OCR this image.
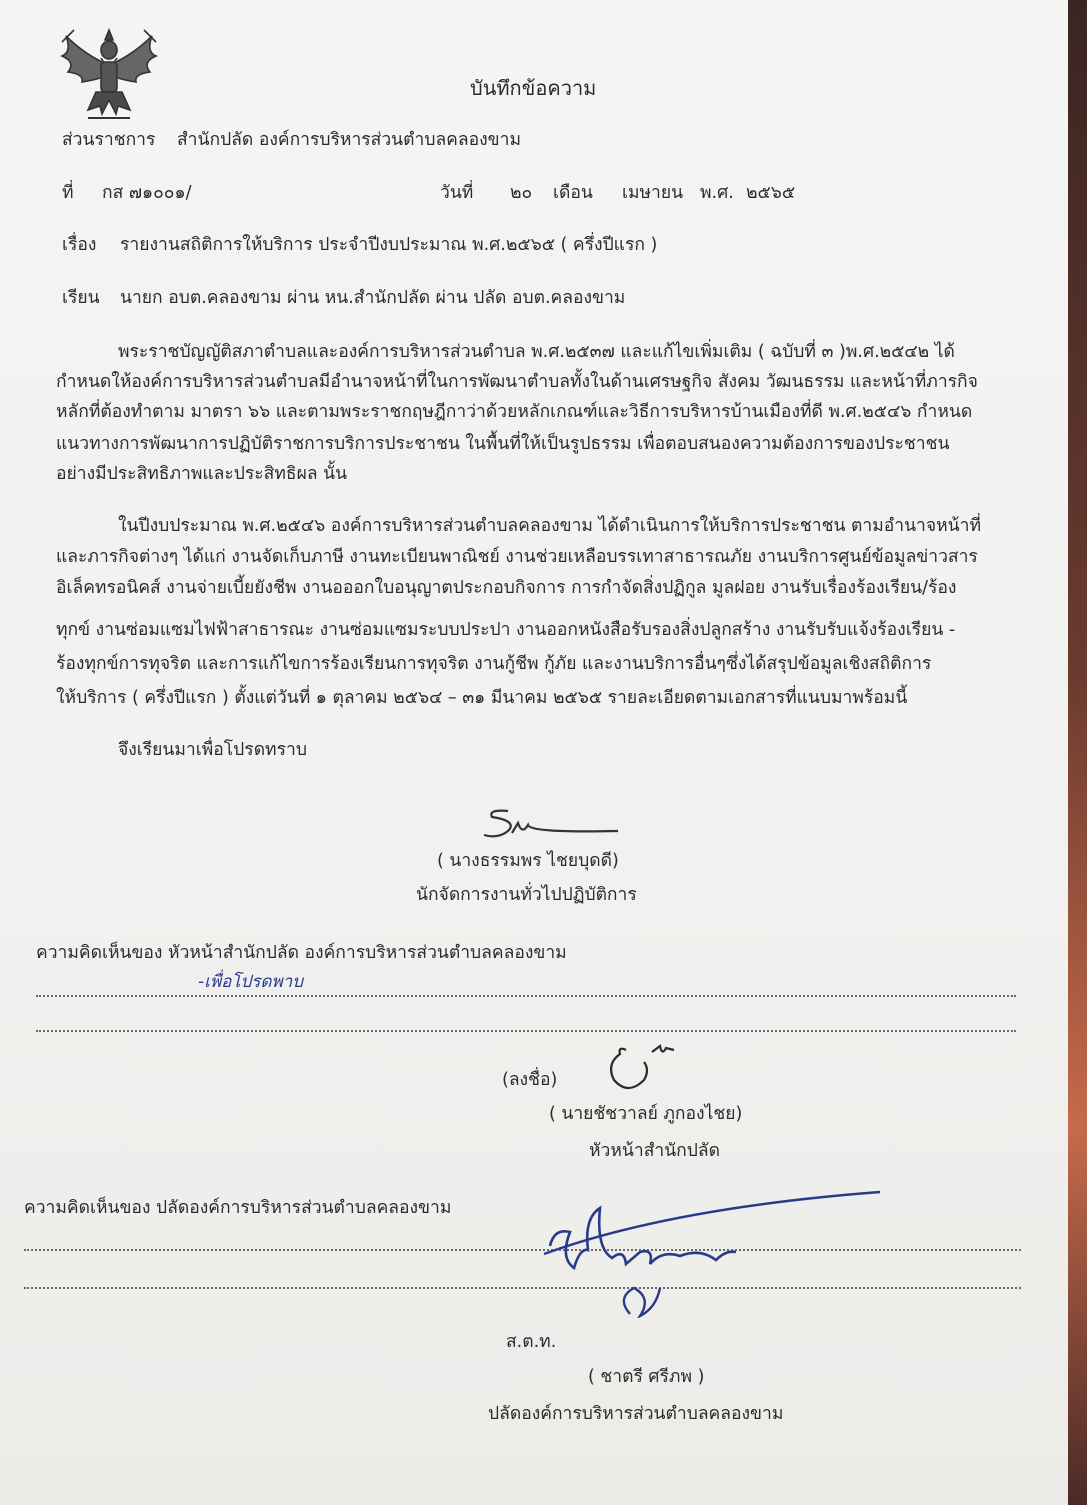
บันทึกข้อความ
ส่วนราชการ สำนักปลัด องค์การบริหารส่วนตำบลคลองขาม
ที่ กส ๗๑๐๐๑/	วันที่ ๒๐ เดือน เมษายน พ.ศ. ๒๕๖๕
เรื่อง รายงานสถิติการให้บริการ ประจำปีงบประมาณ พ.ศ.๒๕๖๕ ( ครึ่งปีแรก )
เรียน นายก อบต.คลองขาม ผ่าน หน.สำนักปลัด ผ่าน ปลัด อบต.คลองขาม
พระราชบัญญัติสภาตำบลและองค์การบริหารส่วนตำบล พ.ศ.๒๕๓๗ และแก้ไขเพิ่มเติม ( ฉบับที่ ๓ )พ.ศ.๒๕๔๒ ได้
กำหนดให้องค์การบริหารส่วนตำบลมีอำนาจหน้าที่ในการพัฒนาตำบลทั้งในด้านเศรษฐกิจ สังคม วัฒนธรรม และหน้าที่ภารกิจ
หลักที่ต้องทำตาม มาตรา ๖๖ และตามพระราชกฤษฎีกาว่าด้วยหลักเกณฑ์และวิธีการบริหารบ้านเมืองที่ดี พ.ศ.๒๕๔๖ กำหนด
แนวทางการพัฒนาการปฏิบัติราชการบริการประชาชน ในพื้นที่ให้เป็นรูปธรรม เพื่อตอบสนองความต้องการของประชาชน
อย่างมีประสิทธิภาพและประสิทธิผล นั้น
ในปีงบประมาณ พ.ศ.๒๕๔๖ องค์การบริหารส่วนตำบลคลองขาม ได้ดำเนินการให้บริการประชาชน ตามอำนาจหน้าที่
และภารกิจต่างๆ ได้แก่ งานจัดเก็บภาษี งานทะเบียนพาณิชย์ งานช่วยเหลือบรรเทาสาธารณภัย งานบริการศูนย์ข้อมูลข่าวสาร
อิเล็คทรอนิคส์ งานจ่ายเบี้ยยังชีพ งานอออกใบอนุญาตประกอบกิจการ การกำจัดสิ่งปฏิกูล มูลฝอย งานรับเรื่องร้องเรียน/ร้อง
ทุกข์ งานซ่อมแซมไฟฟ้าสาธารณะ งานซ่อมแซมระบบประปา งานออกหนังสือรับรองสิ่งปลูกสร้าง งานรับรับแจ้งร้องเรียน -
ร้องทุกข์การทุจริต และการแก้ไขการร้องเรียนการทุจริต งานกู้ชีพ กู้ภัย และงานบริการอื่นๆซึ่งได้สรุปข้อมูลเชิงสถิติการ
ให้บริการ ( ครึ่งปีแรก ) ตั้งแต่วันที่ ๑ ตุลาคม ๒๕๖๔ – ๓๑ มีนาคม ๒๕๖๕ รายละเอียดตามเอกสารที่แนบมาพร้อมนี้
จึงเรียนมาเพื่อโปรดทราบ
( นางธรรมพร ไชยบุดดี)
นักจัดการงานทั่วไปปฏิบัติการ
ความคิดเห็นของ หัวหน้าสำนักปลัด องค์การบริหารส่วนตำบลคลองขาม
-เพื่อโปรดพาบ
(ลงชื่อ)
( นายชัชวาลย์ ภูกองไชย)
หัวหน้าสำนักปลัด
ความคิดเห็นของ ปลัดองค์การบริหารส่วนตำบลคลองขาม
ส.ต.ท.
( ชาตรี ศรีภพ )
ปลัดองค์การบริหารส่วนตำบลคลองขาม
